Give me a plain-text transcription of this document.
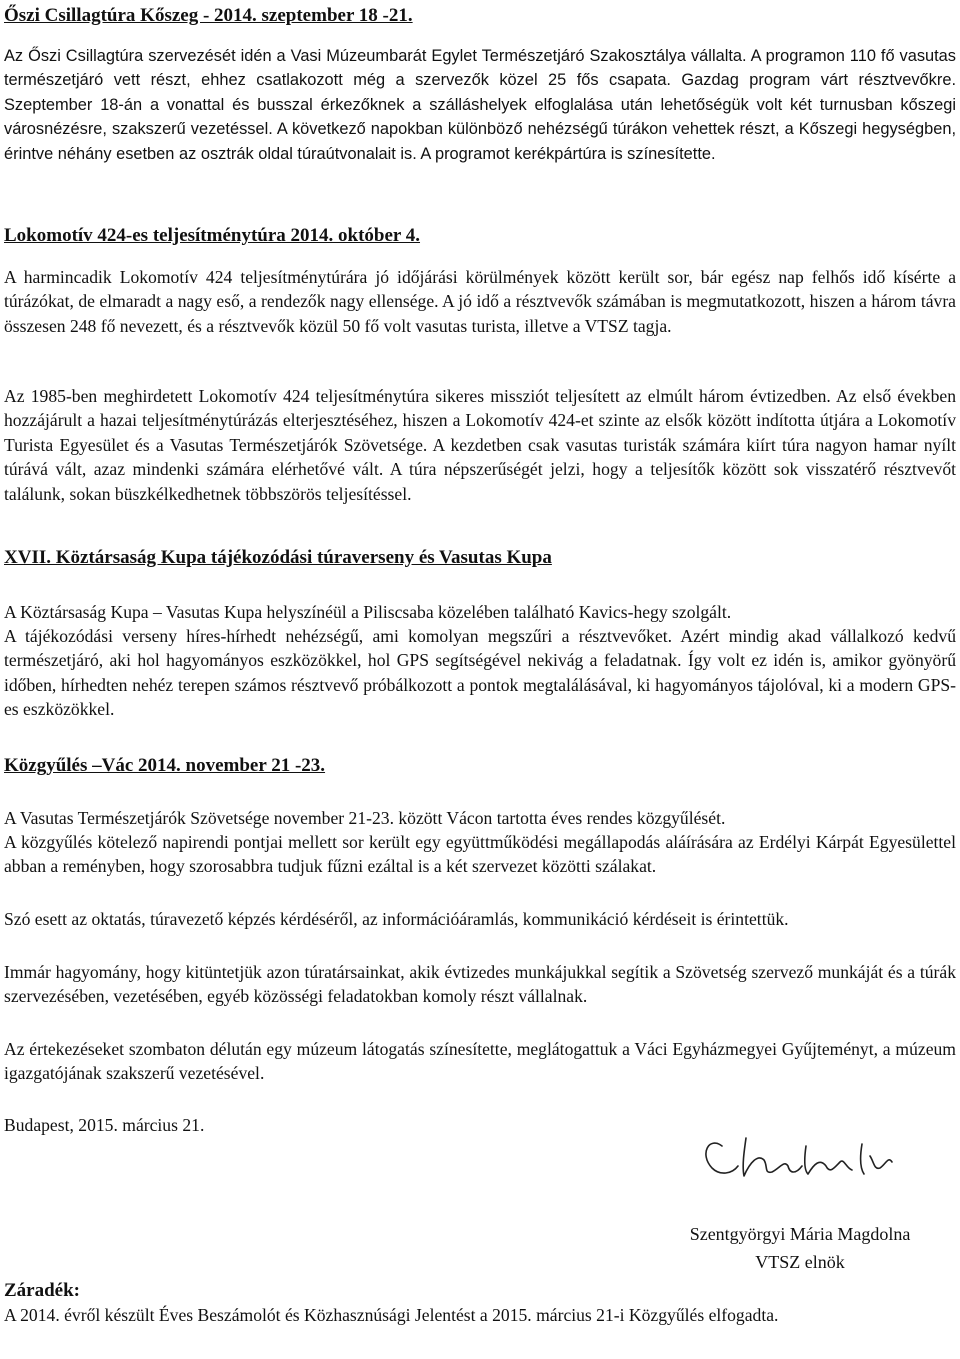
Őszi Csillagtúra Kőszeg - 2014. szeptember 18 -21.

Az Őszi Csillagtúra szervezését idén a Vasi Múzeumbarát Egylet Természetjáró Szakosztálya vállalta. A programon 110 fő vasutas természetjáró vett részt, ehhez csatlakozott még a szervezők közel 25 fős csapata. Gazdag program várt résztvevőkre. Szeptember 18-án a vonattal és busszal érkezőknek a szálláshelyek elfoglalása után lehetőségük volt két turnusban kőszegi városnézésre, szakszerű vezetéssel. A következő napokban különböző nehézségű túrákon vehettek részt, a Kőszegi hegységben, érintve néhány esetben az osztrák oldal túraútvonalait is. A programot kerékpártúra is színesítette.

Lokomotív 424-es teljesítménytúra 2014. október 4.

A harmincadik Lokomotív 424 teljesítménytúrára jó időjárási körülmények között került sor, bár egész nap felhős idő kísérte a túrázókat, de elmaradt a nagy eső, a rendezők nagy ellensége. A jó idő a résztvevők számában is megmutatkozott, hiszen a három távra összesen 248 fő nevezett, és a résztvevők közül 50 fő volt vasutas turista, illetve a VTSZ tagja.

Az 1985-ben meghirdetett Lokomotív 424 teljesítménytúra sikeres missziót teljesített az elmúlt három évtizedben. Az első években hozzájárult a hazai teljesítménytúrázás elterjesztéséhez, hiszen a Lokomotív 424-et szinte az elsők között indította útjára a Lokomotív Turista Egyesület és a Vasutas Természetjárók Szövetsége. A kezdetben csak vasutas turisták számára kiírt túra nagyon hamar nyílt túrává vált, azaz mindenki számára elérhetővé vált. A túra népszerűségét jelzi, hogy a teljesítők között sok visszatérő résztvevőt találunk, sokan büszkélkedhetnek többszörös teljesítéssel.

XVII. Köztársaság Kupa tájékozódási túraverseny és Vasutas Kupa

A Köztársaság Kupa – Vasutas Kupa helyszínéül a Piliscsaba közelében található Kavics-hegy szolgált.

A tájékozódási verseny híres-hírhedt nehézségű, ami komolyan megszűri a résztvevőket. Azért mindig akad vállalkozó kedvű természetjáró, aki hol hagyományos eszközökkel, hol GPS segítségével nekivág a feladatnak. Így volt ez idén is, amikor gyönyörű időben, hírhedten nehéz terepen számos résztvevő próbálkozott a pontok megtalálásával, ki hagyományos tájolóval, ki a modern GPS-es eszközökkel.

Közgyűlés –Vác 2014. november 21 -23.

A Vasutas Természetjárók Szövetsége november 21-23. között Vácon tartotta éves rendes közgyűlését.

A közgyűlés kötelező napirendi pontjai mellett sor került egy együttműködési megállapodás aláírására az Erdélyi Kárpát Egyesülettel abban a reményben, hogy szorosabbra tudjuk fűzni ezáltal is a két szervezet közötti szálakat.

Szó esett az oktatás, túravezető képzés kérdéséről, az információáramlás, kommunikáció kérdéseit is érintettük.

Immár hagyomány, hogy kitüntetjük azon túratársainkat, akik évtizedes munkájukkal segítik a Szövetség szervező munkáját és a túrák szervezésében, vezetésében, egyéb közösségi feladatokban komoly részt vállalnak.

Az értekezéseket szombaton délután egy múzeum látogatás színesítette, meglátogattuk a Váci Egyházmegyei Gyűjteményt, a múzeum igazgatójának szakszerű vezetésével.

Budapest, 2015. március 21.

Szentgyörgyi Mária Magdolna
VTSZ elnök
Záradék:

A 2014. évről készült Éves Beszámolót és Közhasznúsági Jelentést a 2015. március 21-i Közgyűlés elfogadta.
